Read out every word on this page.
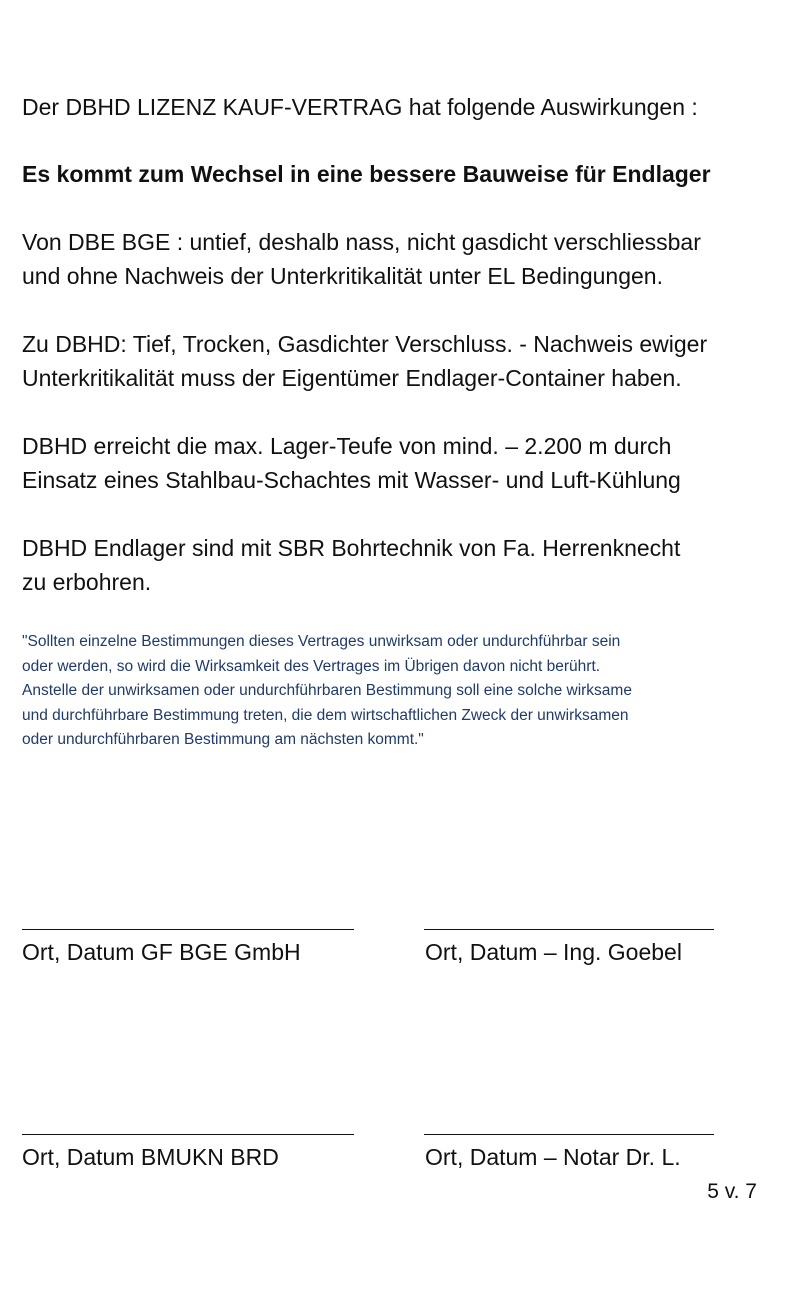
Der DBHD LIZENZ KAUF-VERTRAG hat folgende Auswirkungen :

Es kommt zum Wechsel in eine bessere Bauweise für Endlager

Von DBE BGE : untief, deshalb nass, nicht gasdicht verschliessbar
und ohne Nachweis der Unterkritikalität unter EL Bedingungen.

Zu DBHD: Tief, Trocken, Gasdichter Verschluss. - Nachweis ewiger
Unterkritikalität muss der Eigentümer Endlager-Container haben.

DBHD erreicht die max. Lager-Teufe von mind. – 2.200 m durch
Einsatz eines Stahlbau-Schachtes mit Wasser- und Luft-Kühlung

DBHD Endlager sind mit SBR Bohrtechnik von Fa. Herrenknecht
zu erbohren.

"Sollten einzelne Bestimmungen dieses Vertrages unwirksam oder undurchführbar sein
oder werden, so wird die Wirksamkeit des Vertrages im Übrigen davon nicht berührt.
Anstelle der unwirksamen oder undurchführbaren Bestimmung soll eine solche wirksame
und durchführbare Bestimmung treten, die dem wirtschaftlichen Zweck der unwirksamen
oder undurchführbaren Bestimmung am nächsten kommt."

Ort, Datum GF BGE GmbH	Ort, Datum – Ing. Goebel
Ort, Datum BMUKN BRD	Ort, Datum – Notar Dr. L.
5 v. 7
